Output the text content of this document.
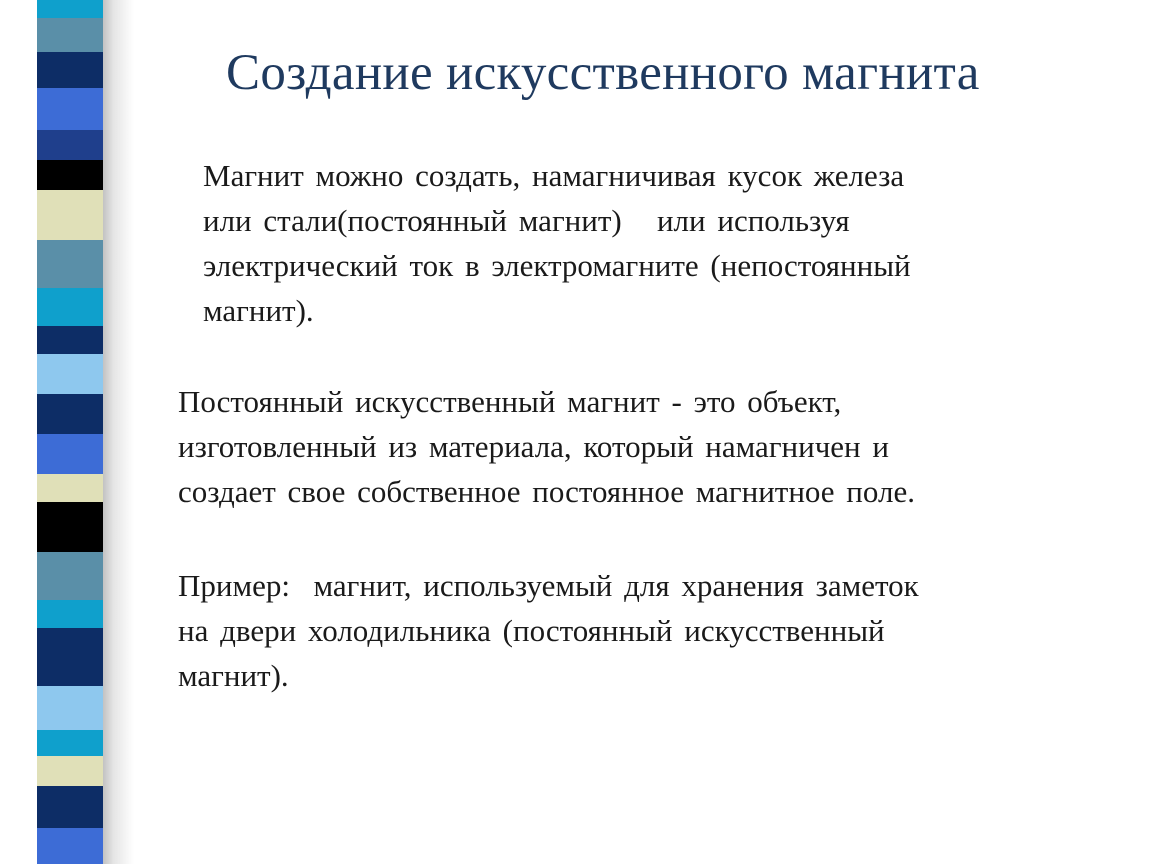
Создание искусственного магнита

Магнит можно создать, намагничивая кусок железа
или стали(постоянный магнит)   или используя
электрический ток в электромагните (непостоянный
магнит).

Постоянный искусственный магнит - это объект,
изготовленный из материала, который намагничен и
создает свое собственное постоянное магнитное поле.

Пример:  магнит, используемый для хранения заметок
на двери холодильника (постоянный искусственный
магнит).
